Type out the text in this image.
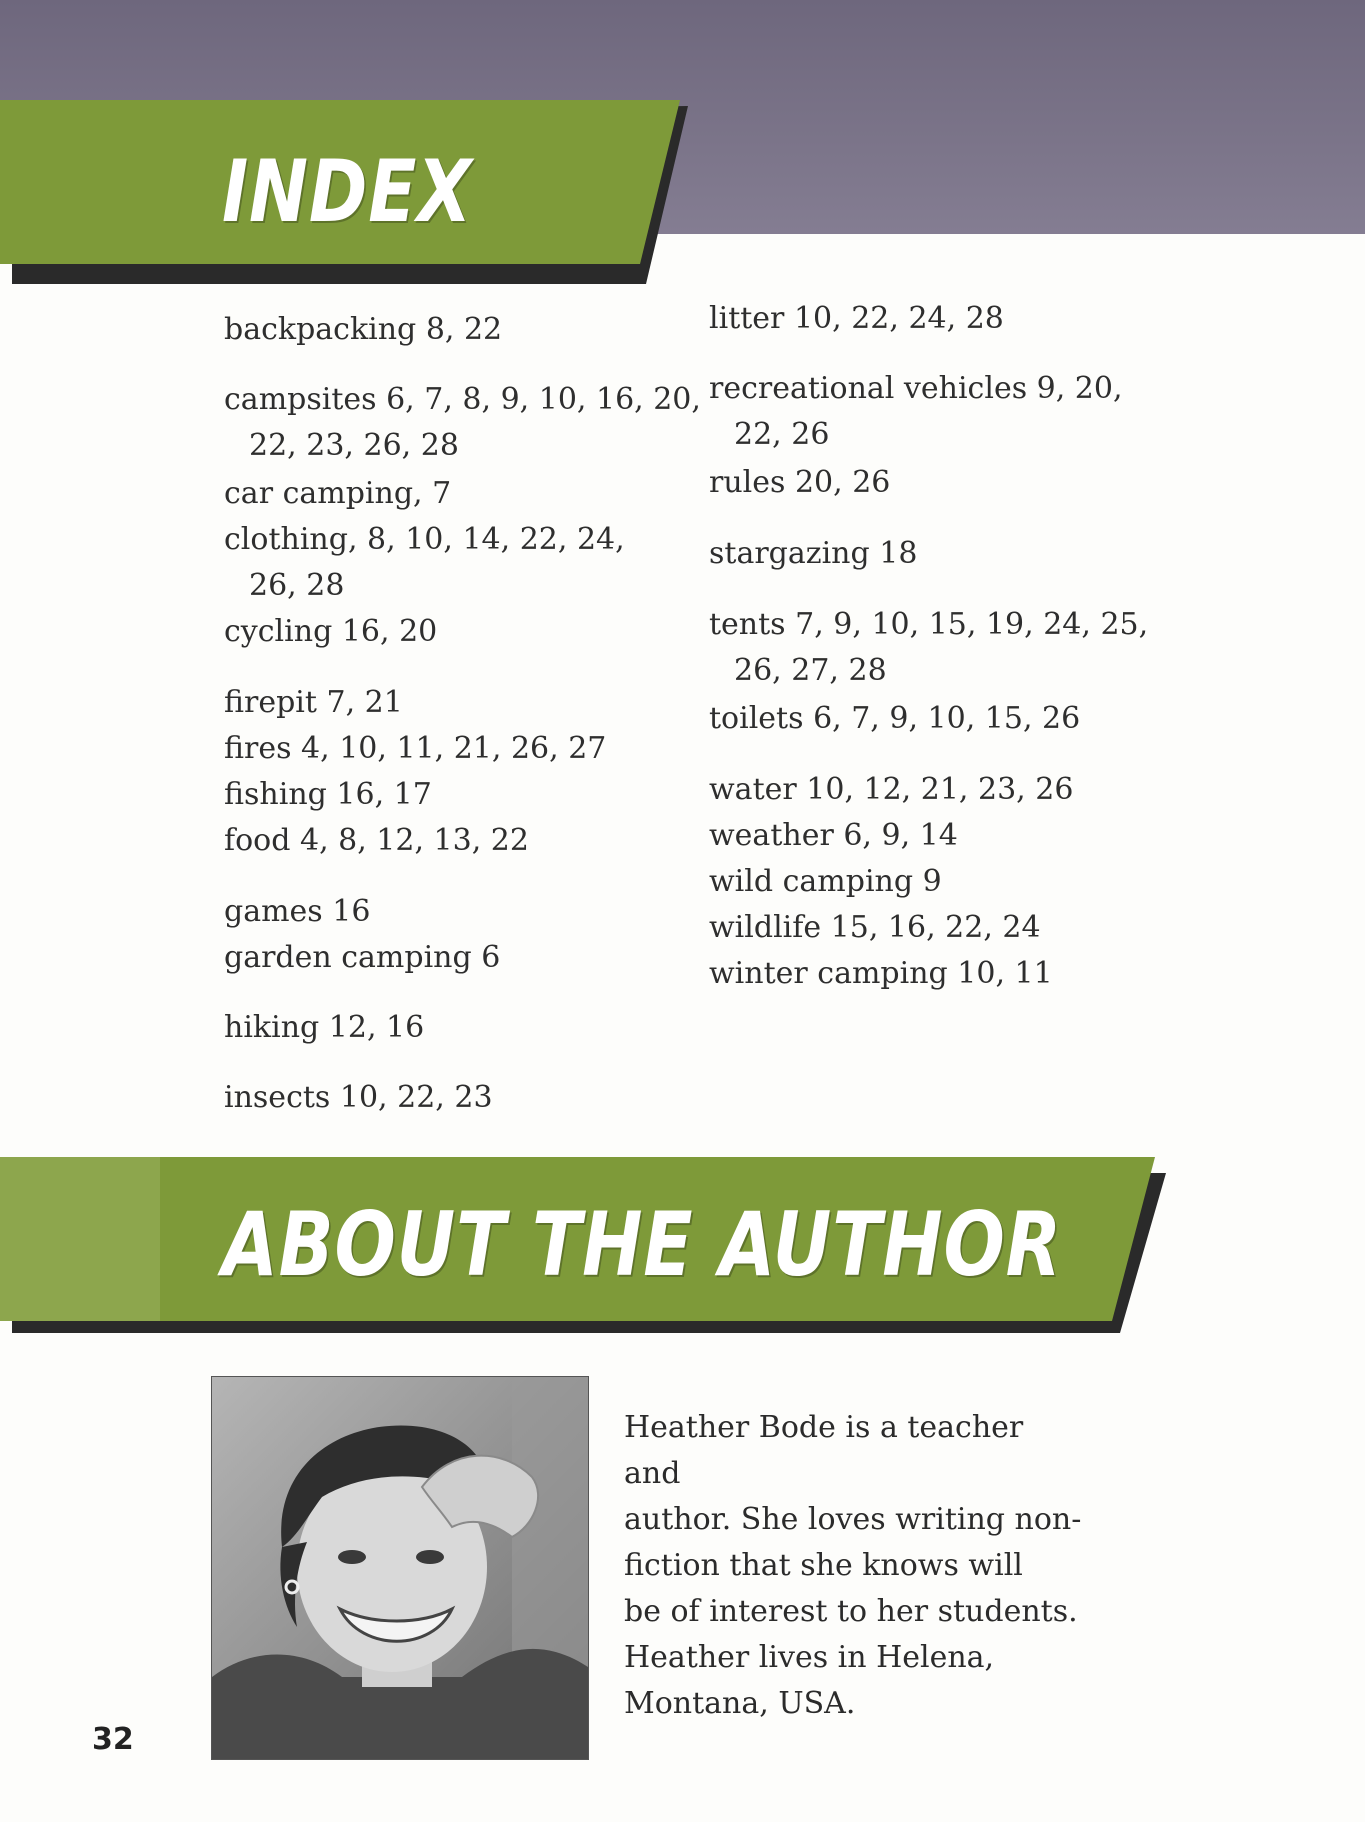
INDEX
backpacking 8, 22
campsites 6, 7, 8, 9, 10, 16, 20,
22, 23, 26, 28
car camping, 7
clothing, 8, 10, 14, 22, 24,
26, 28
cycling 16, 20
firepit 7, 21
fires 4, 10, 11, 21, 26, 27
fishing 16, 17
food 4, 8, 12, 13, 22
games 16
garden camping 6
hiking 12, 16
insects 10, 22, 23
litter 10, 22, 24, 28
recreational vehicles 9, 20,
22, 26
rules 20, 26
stargazing 18
tents 7, 9, 10, 15, 19, 24, 25,
26, 27, 28
toilets 6, 7, 9, 10, 15, 26
water 10, 12, 21, 23, 26
weather 6, 9, 14
wild camping 9
wildlife 15, 16, 22, 24
winter camping 10, 11
ABOUT THE AUTHOR
Heather Bode is a teacher and
author. She loves writing non-
fiction that she knows will
be of interest to her students.
Heather lives in Helena,
Montana, USA.
32
